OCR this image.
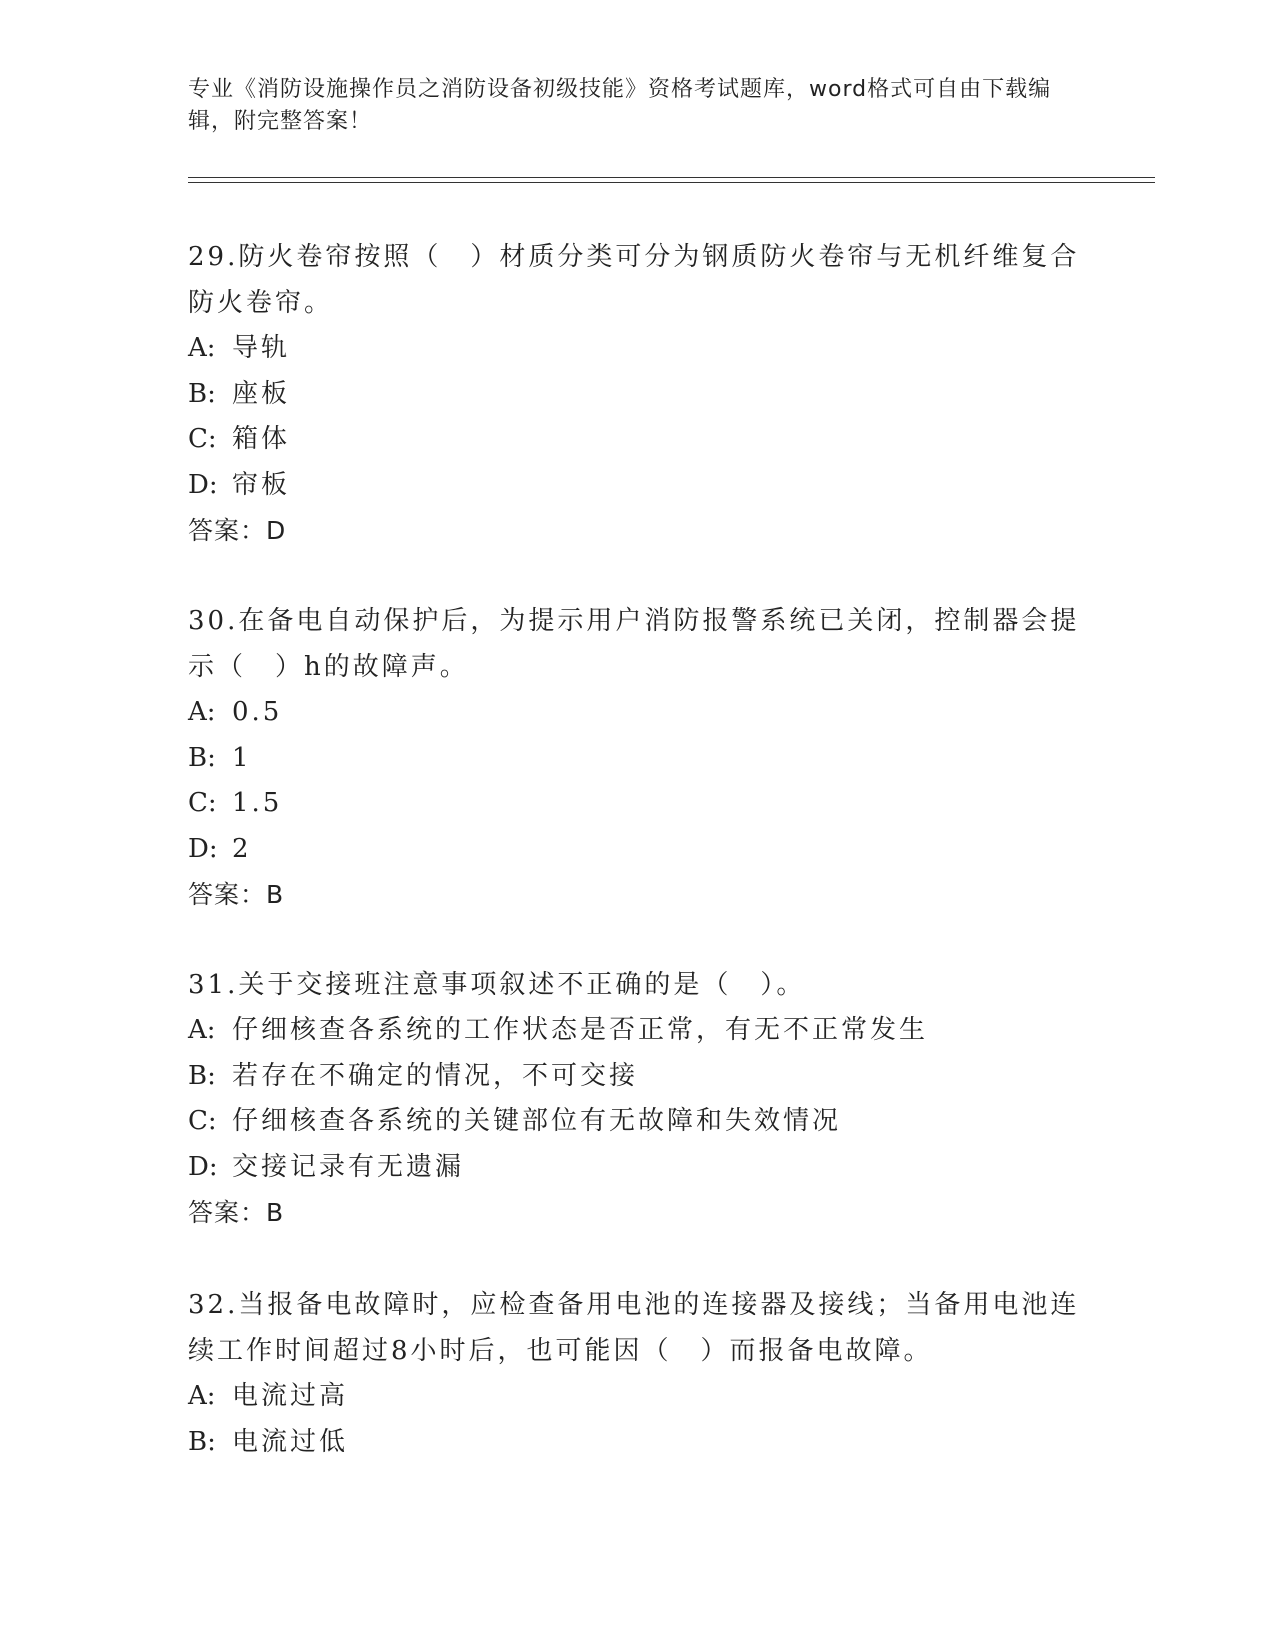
专业《消防设施操作员之消防设备初级技能》资格考试题库，word格式可自由下载编辑，附完整答案！

29.防火卷帘按照（　）材质分类可分为钢质防火卷帘与无机纤维复合防火卷帘。

A: 导轨

B: 座板

C: 箱体

D: 帘板

答案：D

30.在备电自动保护后，为提示用户消防报警系统已关闭，控制器会提示（　）h的故障声。

A: 0.5

B: 1

C: 1.5

D: 2

答案：B

31.关于交接班注意事项叙述不正确的是（　）。

A: 仔细核查各系统的工作状态是否正常，有无不正常发生

B: 若存在不确定的情况，不可交接

C: 仔细核查各系统的关键部位有无故障和失效情况

D: 交接记录有无遗漏

答案：B

32.当报备电故障时，应检查备用电池的连接器及接线；当备用电池连续工作时间超过8小时后，也可能因（　）而报备电故障。

A: 电流过高

B: 电流过低
